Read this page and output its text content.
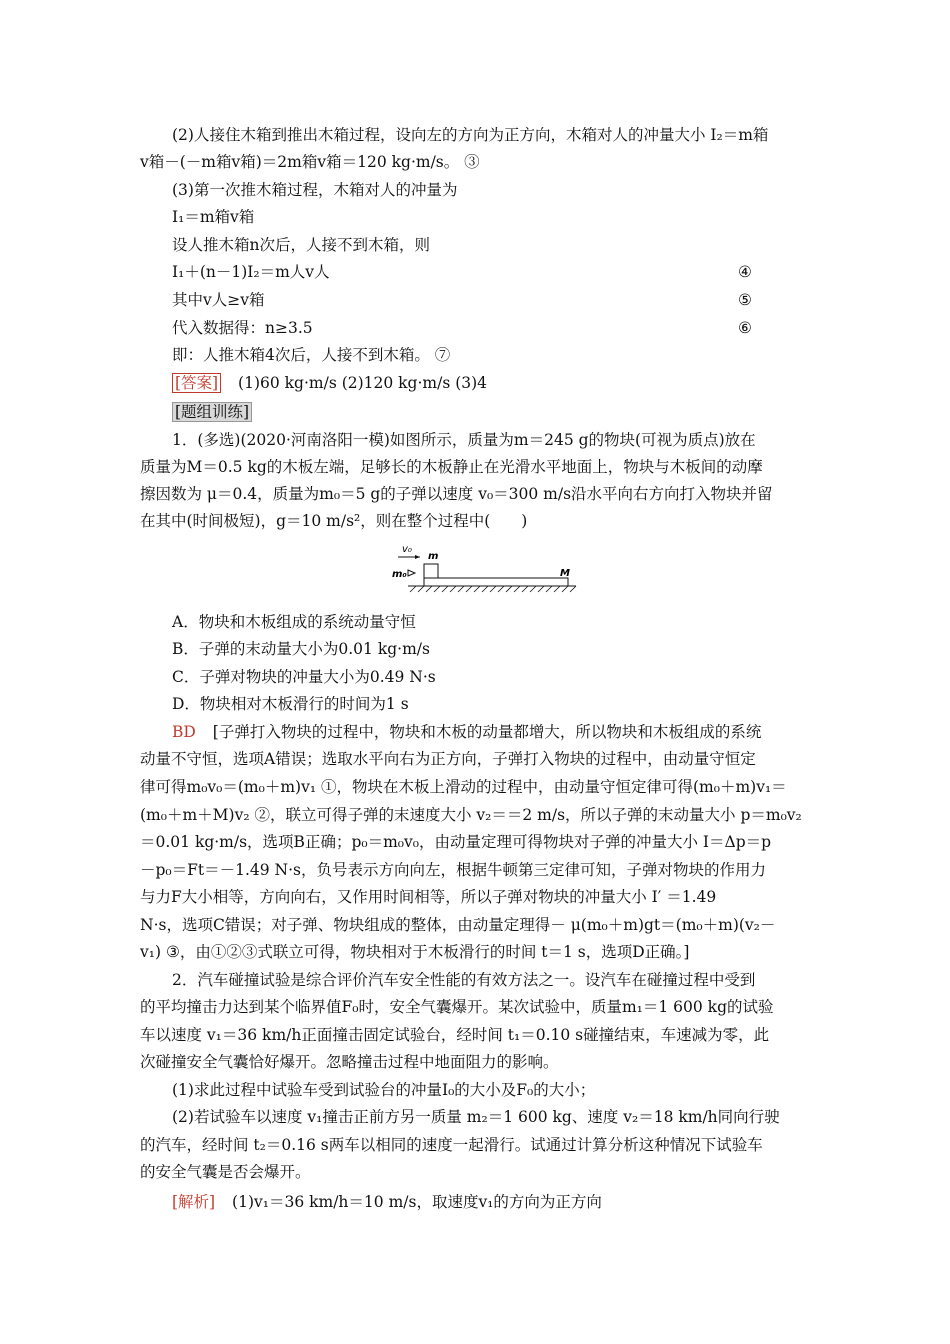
(2)人接住木箱到推出木箱过程，设向左的方向为正方向，木箱对人的冲量大小 I₂＝m箱
v箱－(－m箱v箱)＝2m箱v箱＝120 kg·m/s。 ③
(3)第一次推木箱过程，木箱对人的冲量为
I₁＝m箱v箱
设人推木箱n次后，人接不到木箱，则
I₁＋(n－1)I₂＝m人v人	④
其中v人≥v箱	⑤
代入数据得：n≥3.5	⑥
即：人推木箱4次后，人接不到木箱。 ⑦
[答案] (1)60 kg·m/s (2)120 kg·m/s (3)4
[题组训练]
1．(多选)(2020·河南洛阳一模)如图所示，质量为m＝245 g的物块(可视为质点)放在
质量为M＝0.5 kg的木板左端，足够长的木板静止在光滑水平地面上，物块与木板间的动摩
擦因数为 μ＝0.4，质量为m₀＝5 g的子弹以速度 v₀＝300 m/s沿水平向右方向打入物块并留
在其中(时间极短)，g＝10 m/s²，则在整个过程中(　　)
v₀
m
m₀	M
A．物块和木板组成的系统动量守恒
B．子弹的末动量大小为0.01 kg·m/s
C．子弹对物块的冲量大小为0.49 N·s
D．物块相对木板滑行的时间为1 s
BD [子弹打入物块的过程中，物块和木板的动量都增大，所以物块和木板组成的系统
动量不守恒，选项A错误；选取水平向右为正方向，子弹打入物块的过程中，由动量守恒定
律可得m₀v₀＝(m₀＋m)v₁ ①，物块在木板上滑动的过程中，由动量守恒定律可得(m₀＋m)v₁＝
(m₀＋m＋M)v₂ ②，联立可得子弹的末速度大小 v₂＝＝2 m/s，所以子弹的末动量大小 p＝m₀v₂
＝0.01 kg·m/s，选项B正确；p₀＝m₀v₀，由动量定理可得物块对子弹的冲量大小 I＝Δp＝p
－p₀＝Ft＝－1.49 N·s，负号表示方向向左，根据牛顿第三定律可知，子弹对物块的作用力
与力F大小相等，方向向右，又作用时间相等，所以子弹对物块的冲量大小 I′ ＝1.49
N·s，选项C错误；对子弹、物块组成的整体，由动量定理得－ μ(m₀＋m)gt＝(m₀＋m)(v₂－
v₁) ③，由①②③式联立可得，物块相对于木板滑行的时间 t＝1 s，选项D正确。]
2．汽车碰撞试验是综合评价汽车安全性能的有效方法之一。设汽车在碰撞过程中受到
的平均撞击力达到某个临界值F₀时，安全气囊爆开。某次试验中，质量m₁＝1 600 kg的试验
车以速度 v₁＝36 km/h正面撞击固定试验台，经时间 t₁＝0.10 s碰撞结束，车速减为零，此
次碰撞安全气囊恰好爆开。忽略撞击过程中地面阻力的影响。
(1)求此过程中试验车受到试验台的冲量I₀的大小及F₀的大小；
(2)若试验车以速度 v₁撞击正前方另一质量 m₂＝1 600 kg、速度 v₂＝18 km/h同向行驶
的汽车，经时间 t₂＝0.16 s两车以相同的速度一起滑行。试通过计算分析这种情况下试验车
的安全气囊是否会爆开。
[解析] (1)v₁＝36 km/h＝10 m/s，取速度v₁的方向为正方向
